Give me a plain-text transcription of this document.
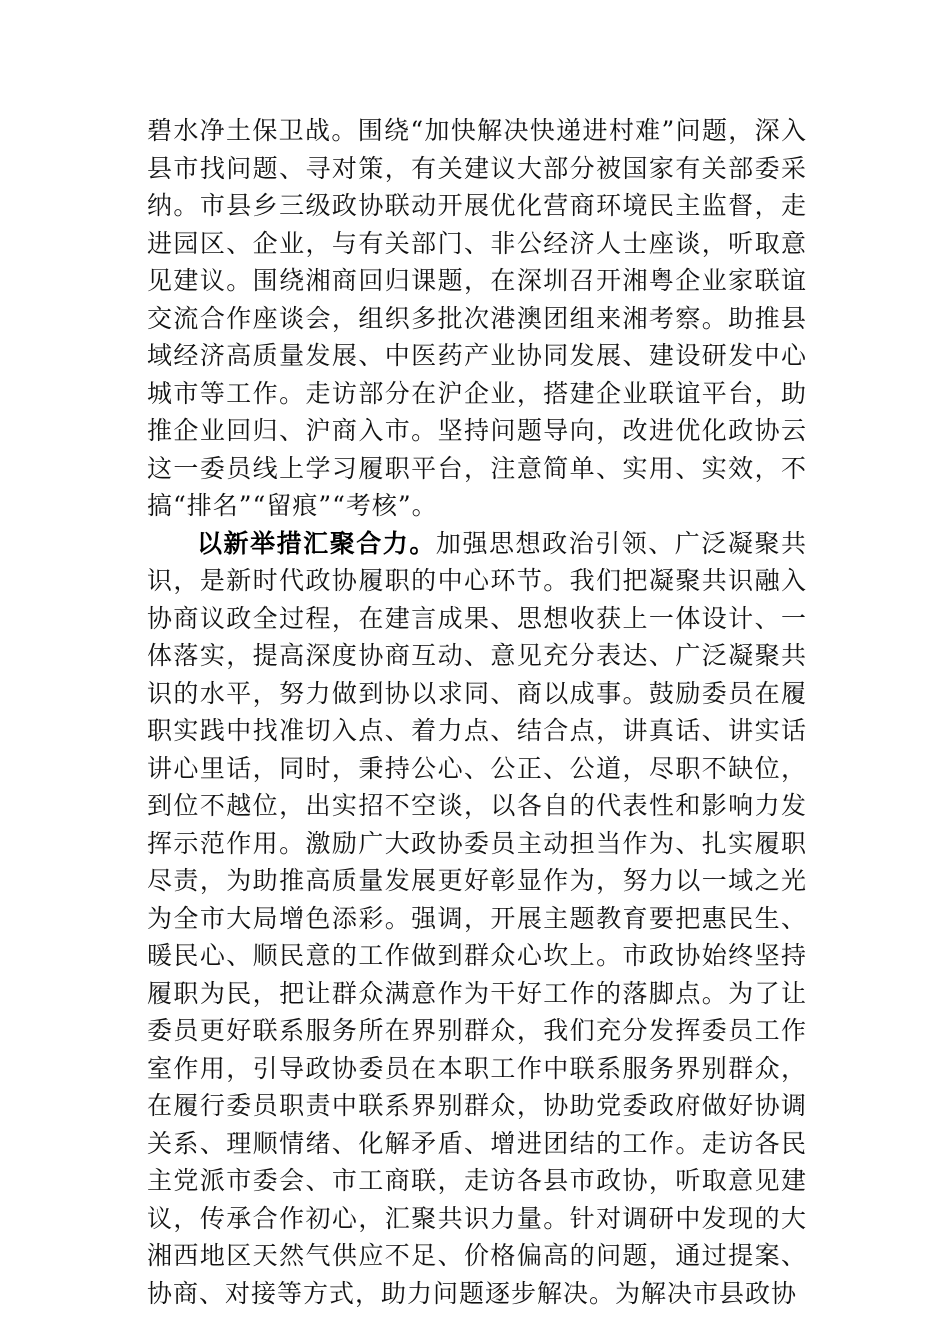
碧水净土保卫战。围绕“加快解决快递进村难”问题，深入县市找问题、寻对策，有关建议大部分被国家有关部委采纳。市县乡三级政协联动开展优化营商环境民主监督，走进园区、企业，与有关部门、非公经济人士座谈，听取意见建议。围绕湘商回归课题，在深圳召开湘粤企业家联谊交流合作座谈会，组织多批次港澳团组来湘考察。助推县域经济高质量发展、中医药产业协同发展、建设研发中心城市等工作。走访部分在沪企业，搭建企业联谊平台，助推企业回归、沪商入市。坚持问题导向，改进优化政协云这一委员线上学习履职平台，注意简单、实用、实效，不搞“排名”“留痕”“考核”。

以新举措汇聚合力。加强思想政治引领、广泛凝聚共识，是新时代政协履职的中心环节。我们把凝聚共识融入协商议政全过程，在建言成果、思想收获上一体设计、一体落实，提高深度协商互动、意见充分表达、广泛凝聚共识的水平，努力做到协以求同、商以成事。鼓励委员在履职实践中找准切入点、着力点、结合点，讲真话、讲实话讲心里话，同时，秉持公心、公正、公道，尽职不缺位，到位不越位，出实招不空谈，以各自的代表性和影响力发挥示范作用。激励广大政协委员主动担当作为、扎实履职尽责，为助推高质量发展更好彰显作为，努力以一域之光为全市大局增色添彩。强调，开展主题教育要把惠民生、暖民心、顺民意的工作做到群众心坎上。市政协始终坚持履职为民，把让群众满意作为干好工作的落脚点。为了让委员更好联系服务所在界别群众，我们充分发挥委员工作室作用，引导政协委员在本职工作中联系服务界别群众，在履行委员职责中联系界别群众，协助党委政府做好协调关系、理顺情绪、化解矛盾、增进团结的工作。走访各民主党派市委会、市工商联，走访各县市政协，听取意见建议，传承合作初心，汇聚共识力量。针对调研中发现的大湘西地区天然气供应不足、价格偏高的问题，通过提案、协商、对接等方式，助力问题逐步解决。为解决市县政协
